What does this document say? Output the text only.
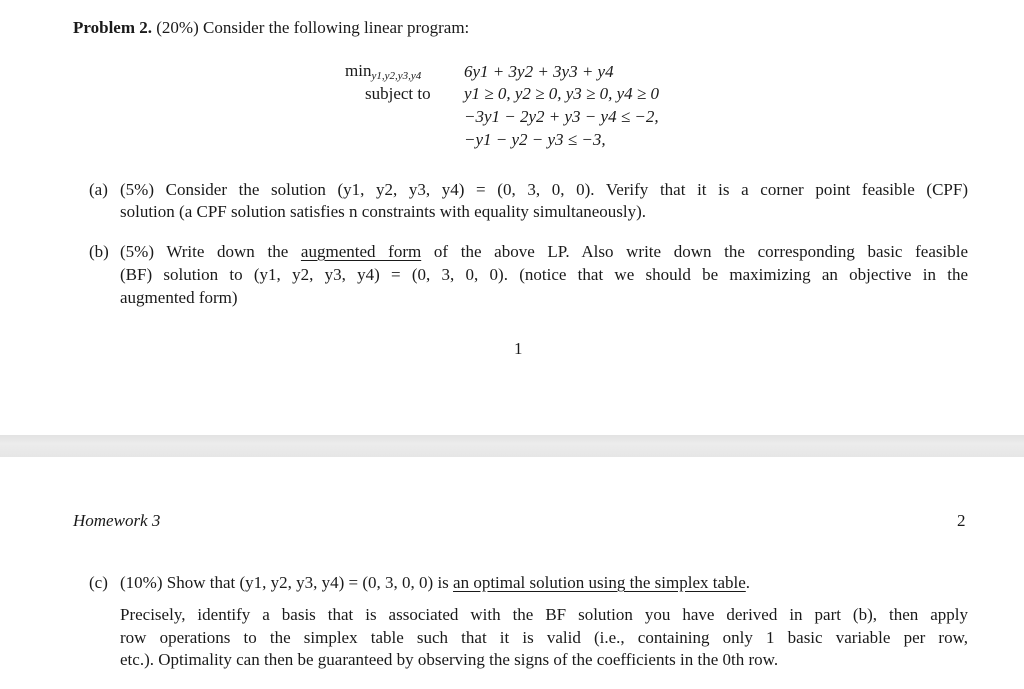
Problem 2. (20%) Consider the following linear program:
$\min_{y1,y2,y3,y4}$	6y1 + 3y2 + 3y3 + y4
subject to y1 ≥ 0, y2 ≥ 0, y3 ≥ 0, y4 ≥ 0
−3y1 − 2y2 + y3 − y4 ≤ −2,
−y1 − y2 − y3 ≤ −3,
(a) (5%) Consider the solution (y1, y2, y3, y4) = (0, 3, 0, 0). Verify that it is a corner point feasible (CPF)
solution (a CPF solution satisfies n constraints with equality simultaneously).
(b) (5%) Write down the augmented form of the above LP. Also write down the corresponding basic feasible
(BF) solution to (y1, y2, y3, y4) = (0, 3, 0, 0). (notice that we should be maximizing an objective in the
augmented form)
1
Homework 3	2
(c) (10%) Show that (y1, y2, y3, y4) = (0, 3, 0, 0) is an optimal solution using the simplex table.
Precisely, identify a basis that is associated with the BF solution you have derived in part (b), then apply
row operations to the simplex table such that it is valid (i.e., containing only 1 basic variable per row,
etc.). Optimality can then be guaranteed by observing the signs of the coefficients in the 0th row.
